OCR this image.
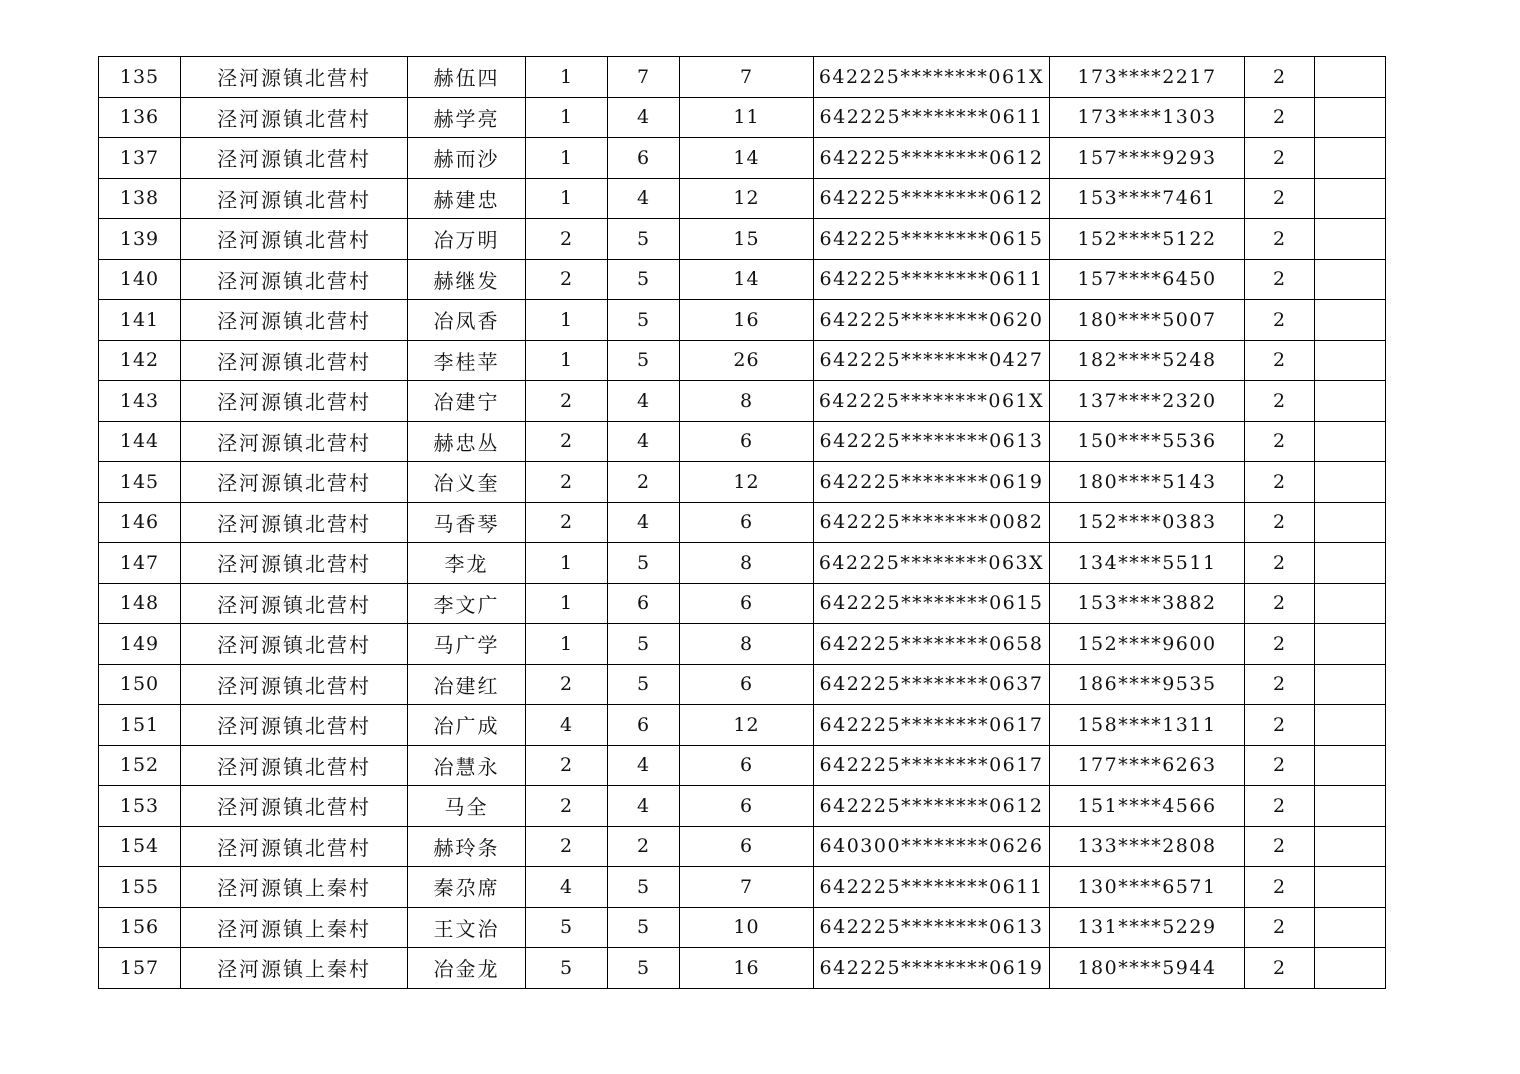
135	泾河源镇北营村	赫伍四	1	7	7	642225********061X	173****2217	2	
136	泾河源镇北营村	赫学亮	1	4	11	642225********0611	173****1303	2	
137	泾河源镇北营村	赫而沙	1	6	14	642225********0612	157****9293	2	
138	泾河源镇北营村	赫建忠	1	4	12	642225********0612	153****7461	2	
139	泾河源镇北营村	冶万明	2	5	15	642225********0615	152****5122	2	
140	泾河源镇北营村	赫继发	2	5	14	642225********0611	157****6450	2	
141	泾河源镇北营村	冶凤香	1	5	16	642225********0620	180****5007	2	
142	泾河源镇北营村	李桂苹	1	5	26	642225********0427	182****5248	2	
143	泾河源镇北营村	冶建宁	2	4	8	642225********061X	137****2320	2	
144	泾河源镇北营村	赫忠丛	2	4	6	642225********0613	150****5536	2	
145	泾河源镇北营村	冶义奎	2	2	12	642225********0619	180****5143	2	
146	泾河源镇北营村	马香琴	2	4	6	642225********0082	152****0383	2	
147	泾河源镇北营村	李龙	1	5	8	642225********063X	134****5511	2	
148	泾河源镇北营村	李文广	1	6	6	642225********0615	153****3882	2	
149	泾河源镇北营村	马广学	1	5	8	642225********0658	152****9600	2	
150	泾河源镇北营村	冶建红	2	5	6	642225********0637	186****9535	2	
151	泾河源镇北营村	冶广成	4	6	12	642225********0617	158****1311	2	
152	泾河源镇北营村	冶慧永	2	4	6	642225********0617	177****6263	2	
153	泾河源镇北营村	马全	2	4	6	642225********0612	151****4566	2	
154	泾河源镇北营村	赫玲条	2	2	6	640300********0626	133****2808	2	
155	泾河源镇上秦村	秦尕席	4	5	7	642225********0611	130****6571	2	
156	泾河源镇上秦村	王文治	5	5	10	642225********0613	131****5229	2	
157	泾河源镇上秦村	冶金龙	5	5	16	642225********0619	180****5944	2	
